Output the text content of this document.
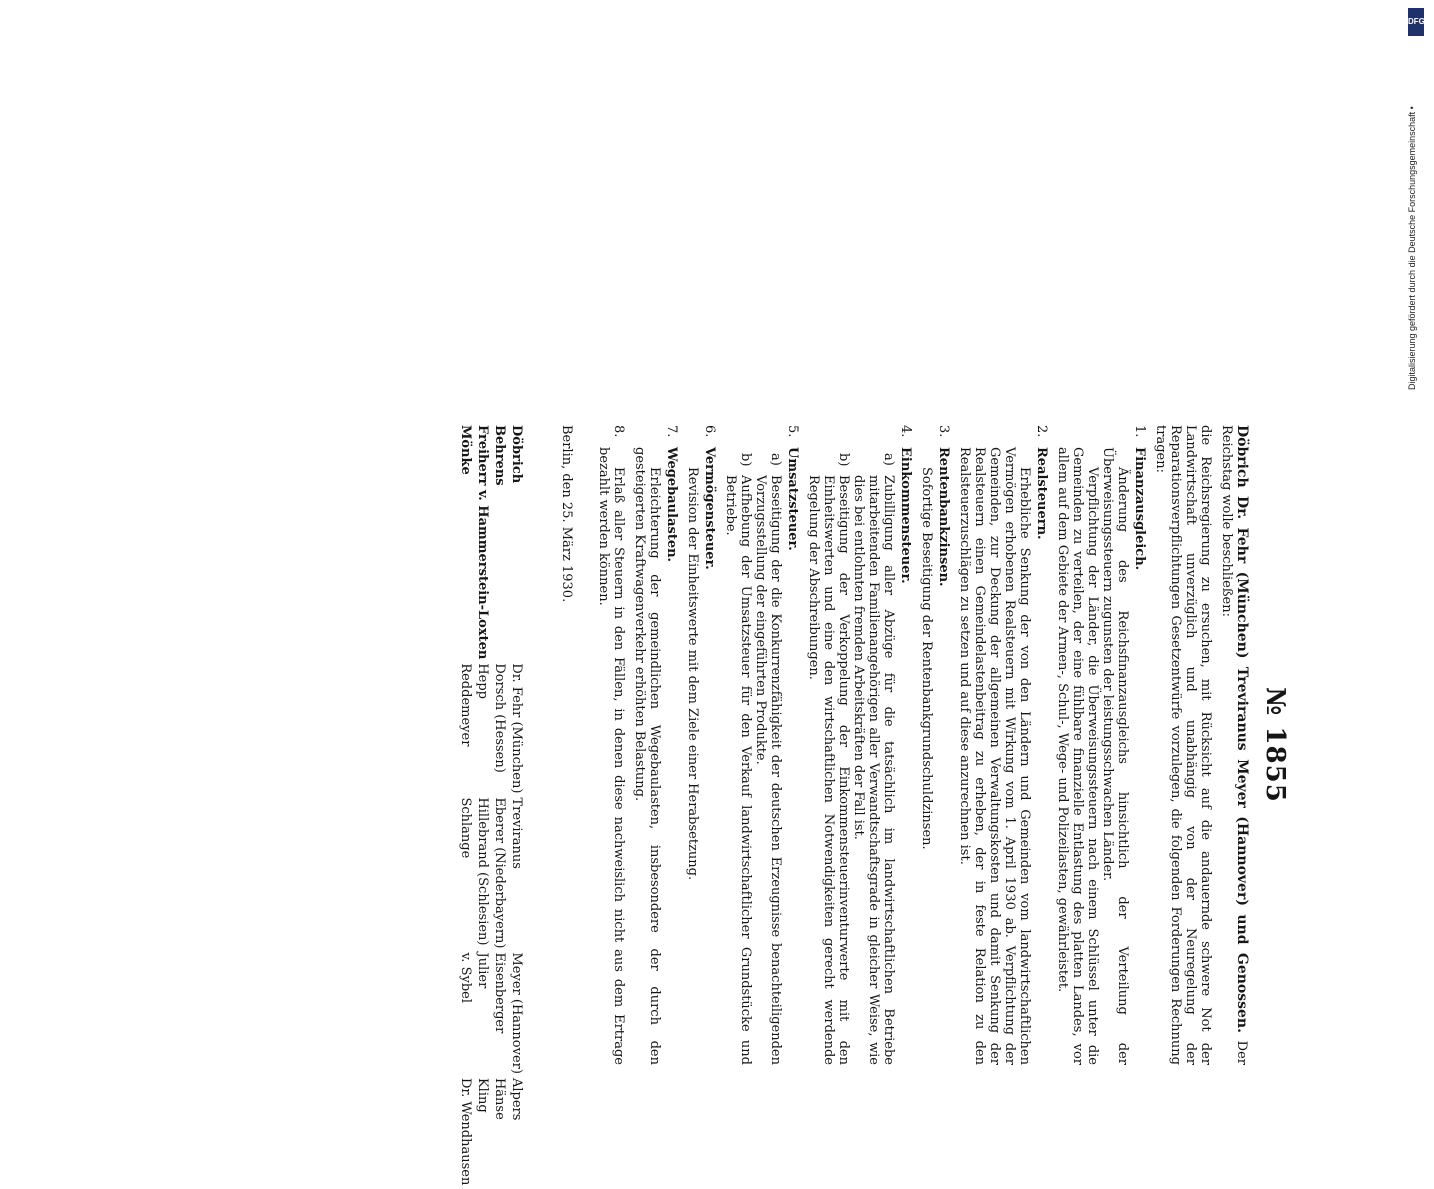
№ 1855
Döbrich Dr. Fehr (München) Treviranus Meyer (Hannover) und Genossen. Der Reichstag wolle beschließen:

die Reichsregierung zu ersuchen, mit Rücksicht auf die andauernde schwere Not der Landwirtschaft unverzüglich und unabhängig von der Neuregelung der Reparationsverpflichtungen Gesetzentwürfe vorzulegen, die folgenden Forderungen Rechnung tragen:

1.
Finanzausgleich.
Änderung des Reichsfinanzausgleichs hinsichtlich der Verteilung der Überweisungssteuern zugunsten der leistungsschwachen Länder.
Verpflichtung der Länder, die Überweisungssteuern nach einem Schlüssel unter die Gemeinden zu verteilen, der eine fühlbare finanzielle Entlastung des platten Landes, vor allem auf dem Gebiete der Armen-, Schul-, Wege- und Polizeilasten, gewährleistet.
2.
Realsteuern.
Erhebliche Senkung der von den Ländern und Gemeinden vom landwirtschaftlichen Vermögen erhobenen Realsteuern mit Wirkung vom 1. April 1930 ab. Verpflichtung der Gemeinden, zur Deckung der allgemeinen Verwaltungskosten und damit Senkung der Realsteuern einen Gemeindelastenbeitrag zu erheben, der in feste Relation zu den Realsteuerzuschlägen zu setzen und auf diese anzurechnen ist.
3.
Rentenbankzinsen.
Sofortige Beseitigung der Rentenbankgrundschuldzinsen.
4.
Einkommensteuer.
a)
Zubilligung aller Abzüge für die tatsächlich im landwirtschaftlichen Betriebe mitarbeitenden Familienangehörigen aller Verwandtschaftsgrade in gleicher Weise, wie dies bei entlohnten fremden Arbeitskräften der Fall ist.
b)
Beseitigung der Verkoppelung der Einkommensteuerinventurwerte mit den Einheitswerten und eine den wirtschaftlichen Notwendigkeiten gerecht werdende Regelung der Abschreibungen.
5.
Umsatzsteuer.
a)
Beseitigung der die Konkurrenzfähigkeit der deutschen Erzeugnisse benachteiligenden Vorzugsstellung der eingeführten Produkte.
b)
Aufhebung der Umsatzsteuer für den Verkauf landwirtschaftlicher Grundstücke und Betriebe.
6.
Vermögensteuer.
Revision der Einheitswerte mit dem Ziele einer Herabsetzung.
7.
Wegebaulasten.
Erleichterung der gemeindlichen Wegebaulasten, insbesondere der durch den gesteigerten Kraftwagenverkehr erhöhten Belastung.
8.
Erlaß aller Steuern in den Fällen, in denen diese nachweislich nicht aus dem Ertrage bezahlt werden können.
Berlin, den 25. März 1930.
Döbrich	Dr. Fehr (München)	Treviranus	Meyer (Hannover)	Alpers
Behrens	Dorsch (Hessen)	Eberer (Niederbayern)	Eisenberger	Hänse
Freiherr v. Hammerstein-Loxten	Hepp	Hillebrand (Schlesien)	Julier	Kling
Mönke	Reddemeyer	Schlange	v. Sybel	Dr. Wendhausen
DFG
Digitalisierung gefördert durch die Deutsche Forschungsgemeinschaft •
